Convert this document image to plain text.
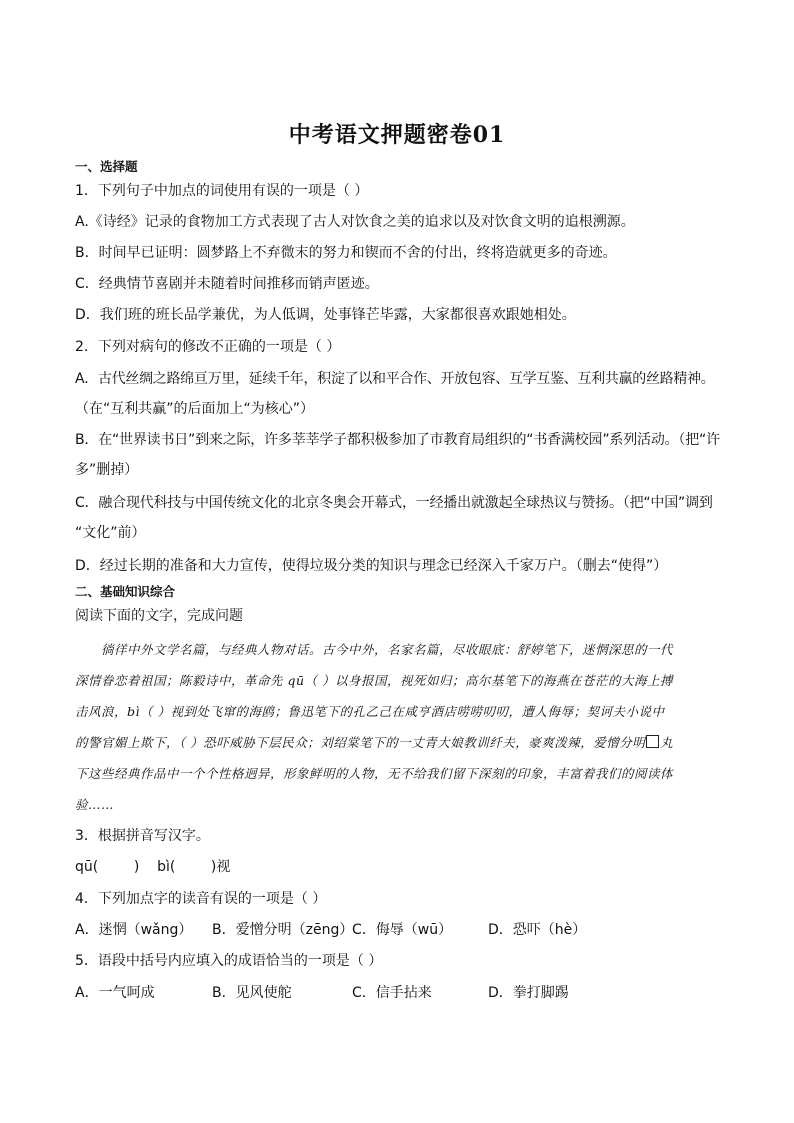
中考语文押题密卷01
一、选择题
1．下列句子中加点的词使用有误的一项是（ ）
A.《诗经》记录的食物加工方式表现了古人对饮食之美的追求以及对饮食文明的追根溯源。
B．时间早已证明：圆梦路上不弃微末的努力和锲而不舍的付出，终将造就更多的奇迹。
C．经典情节喜剧并未随着时间推移而销声匿迹。
D．我们班的班长品学兼优，为人低调，处事锋芒毕露，大家都很喜欢跟她相处。
2．下列对病句的修改不正确的一项是（ ）
A．古代丝绸之路绵亘万里，延续千年，积淀了以和平合作、开放包容、互学互鉴、互利共赢的丝路精神。
（在“互利共赢”的后面加上“为核心”）
B．在“世界读书日”到来之际，许多莘莘学子都积极参加了市教育局组织的“书香满校园”系列活动。（把“许
多”删掉）
C．融合现代科技与中国传统文化的北京冬奥会开幕式，一经播出就激起全球热议与赞扬。（把“中国”调到
“文化”前）
D．经过长期的准备和大力宣传，使得垃圾分类的知识与理念已经深入千家万户。（删去“使得”）
二、基础知识综合
阅读下面的文字，完成问题
徜徉中外文学名篇，与经典人物对话。古今中外，名家名篇，尽收眼底：舒婷笔下，迷惘深思的一代
深情眷恋着祖国；陈毅诗中，革命先 qū（ ）以身报国，视死如归；高尔基笔下的海燕在苍茫的大海上搏
击风浪，bì（ ）视到处飞窜的海鸥；鲁迅笔下的孔乙己在咸亨酒店唠唠叨叨，遭人侮辱；契诃夫小说中
的警官媚上欺下，（ ）恐吓威胁下层民众；刘绍棠笔下的一丈青大娘教训纤夫，豪爽泼辣，爱憎分明 丸
下这些经典作品中一个个性格迥异，形象鲜明的人物，无不给我们留下深刻的印象，丰富着我们的阅读体
验……
3．根据拼音写汉字。
qū(        )    bì(        )视
4．下列加点字的读音有误的一项是（ ）
A．迷惘（wǎng） B．爱憎分明（zēng）C．侮辱（wū）	D．恐吓（hè）
5．语段中括号内应填入的成语恰当的一项是（ ）
A．一气呵成	B．见风使舵	C．信手拈来	D．拳打脚踢
